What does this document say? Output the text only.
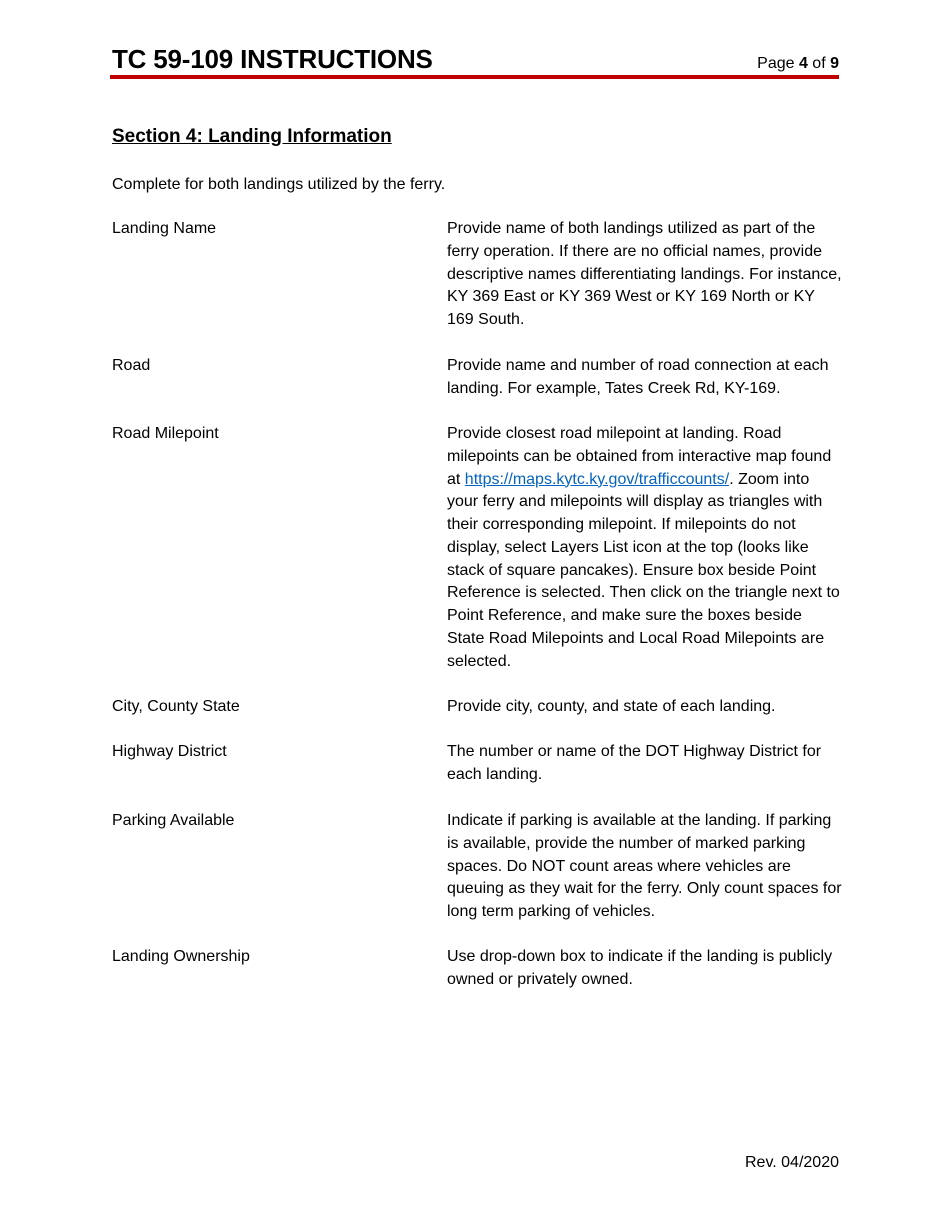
TC 59-109 INSTRUCTIONS	Page 4 of 9
Section 4: Landing Information
Complete for both landings utilized by the ferry.
Landing Name	Provide name of both landings utilized as part of the ferry operation. If there are no official names, provide descriptive names differentiating landings. For instance, KY 369 East or KY 369 West or KY 169 North or KY 169 South.
Road	Provide name and number of road connection at each landing. For example, Tates Creek Rd, KY-169.
Road Milepoint	Provide closest road milepoint at landing. Road milepoints can be obtained from interactive map found at https://maps.kytc.ky.gov/trafficcounts/. Zoom into your ferry and milepoints will display as triangles with their corresponding milepoint. If milepoints do not display, select Layers List icon at the top (looks like stack of square pancakes). Ensure box beside Point Reference is selected. Then click on the triangle next to Point Reference, and make sure the boxes beside State Road Milepoints and Local Road Milepoints are selected.
City, County State	Provide city, county, and state of each landing.
Highway District	The number or name of the DOT Highway District for each landing.
Parking Available	Indicate if parking is available at the landing. If parking is available, provide the number of marked parking spaces. Do NOT count areas where vehicles are queuing as they wait for the ferry. Only count spaces for long term parking of vehicles.
Landing Ownership	Use drop-down box to indicate if the landing is publicly owned or privately owned.
Rev. 04/2020
